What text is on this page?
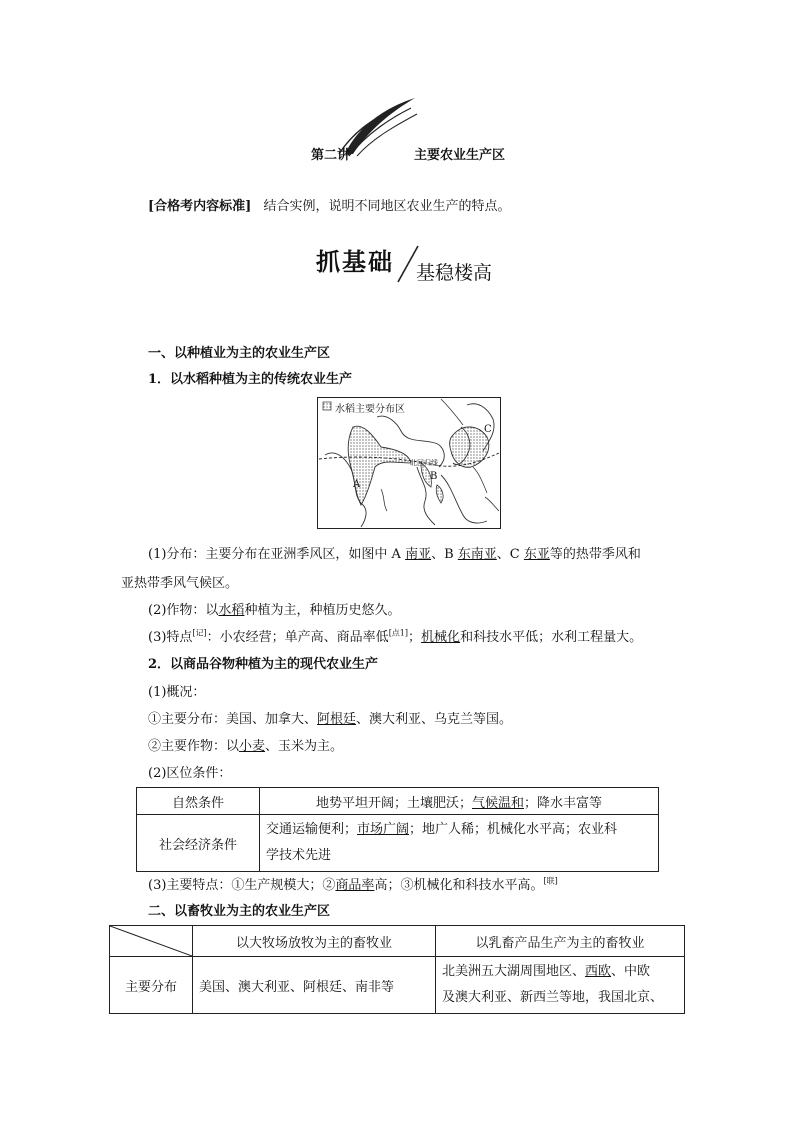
第二讲	主要农业生产区
[合格考内容标准] 结合实例，说明不同地区农业生产的特点。
抓基础 基稳楼高
一、以种植业为主的农业生产区
1．以水稻种植为主的传统农业生产
水稻主要分布区
北回归线
A
B
C
(1)分布：主要分布在亚洲季风区，如图中 A 南亚、B 东南亚、C 东亚等的热带季风和
亚热带季风气候区。
(2)作物：以水稻种植为主，种植历史悠久。
(3)特点[记]：小农经营；单产高、商品率低[点1]；机械化和科技水平低；水利工程量大。
2．以商品谷物种植为主的现代农业生产
(1)概况：
①主要分布：美国、加拿大、阿根廷、澳大利亚、乌克兰等国。
②主要作物：以小麦、玉米为主。
(2)区位条件：
自然条件	地势平坦开阔；土壤肥沃；气候温和；降水丰富等
社会经济条件	交通运输便利；市场广阔；地广人稀；机械化水平高；农业科
学技术先进
(3)主要特点：①生产规模大；②商品率高；③机械化和科技水平高。[联]
二、以畜牧业为主的农业生产区
	以大牧场放牧为主的畜牧业	以乳畜产品生产为主的畜牧业
主要分布	美国、澳大利亚、阿根廷、南非等	北美洲五大湖周围地区、西欧、中欧
及澳大利亚、新西兰等地，我国北京、
